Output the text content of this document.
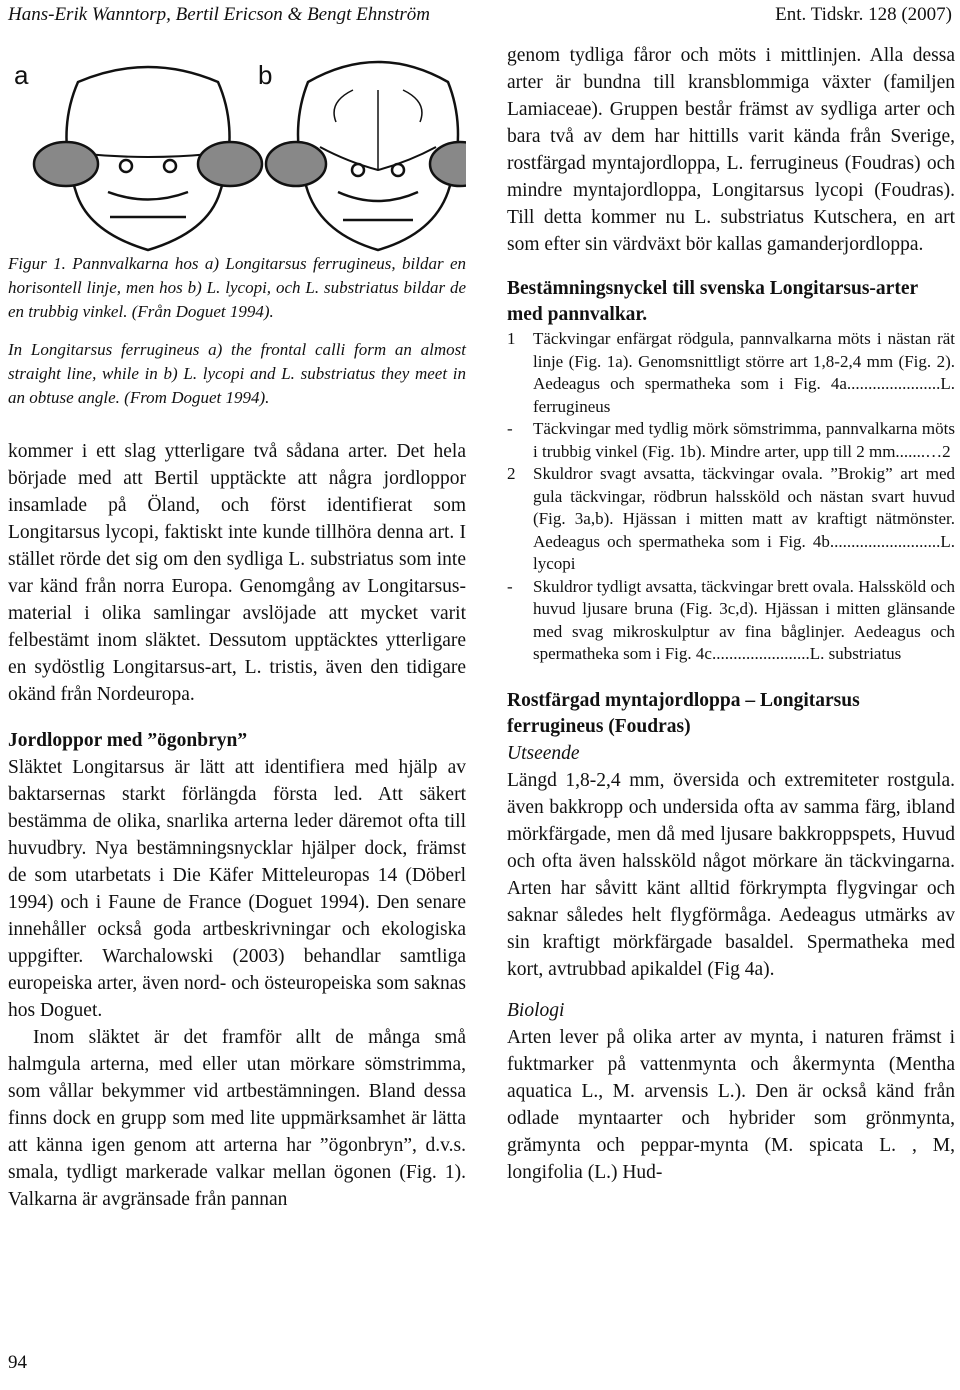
Hans-Erik Wanntorp, Bertil Ericson & Bengt Ehnström	Ent. Tidskr. 128 (2007)
a	b

Figur 1. Pannvalkarna hos a) Longitarsus ferrugineus, bildar en horisontell linje, men hos b) L. lycopi, och L. substriatus bildar de en trubbig vinkel. (Från Doguet 1994).

In Longitarsus ferrugineus a) the frontal calli form an almost straight line, while in b) L. lycopi and L. substriatus they meet in an obtuse angle. (From Doguet 1994).

kommer i ett slag ytterligare två sådana arter. Det hela började med att Bertil upptäckte att några jordloppor insamlade på Öland, och först identifierat som Longitarsus lycopi, faktiskt inte kunde tillhöra denna art. I stället rörde det sig om den sydliga L. substriatus som inte var känd från norra Europa. Genomgång av Longitarsus-material i olika samlingar avslöjade att mycket varit felbestämt inom släktet. Dessutom upptäcktes ytterligare en sydöstlig Longitarsus-art, L. tristis, även den tidigare okänd från Nordeuropa.

Jordloppor med ”ögonbryn”

Släktet Longitarsus är lätt att identifiera med hjälp av baktarsernas starkt förlängda första led. Att säkert bestämma de olika, snarlika arterna leder däremot ofta till huvudbry. Nya bestämningsnycklar hjälper dock, främst de som utarbetats i Die Käfer Mitteleuropas 14 (Döberl 1994) och i Faune de France (Doguet 1994). Den senare innehåller också goda artbeskrivningar och ekologiska uppgifter. Warchalowski (2003) behandlar samtliga europeiska arter, även nord- och östeuropeiska som saknas hos Doguet.

Inom släktet är det framför allt de många små halmgula arterna, med eller utan mörkare sömstrimma, som vållar bekymmer vid artbestämningen. Bland dessa finns dock en grupp som med lite uppmärksamhet är lätta att känna igen genom att arterna har ”ögonbryn”, d.v.s. smala, tydligt markerade valkar mellan ögonen (Fig. 1). Valkarna är avgränsade från pannan

genom tydliga fåror och möts i mittlinjen. Alla dessa arter är bundna till kransblommiga växter (familjen Lamiaceae). Gruppen består främst av sydliga arter och bara två av dem har hittills varit kända från Sverige, rostfärgad myntajordloppa, L. ferrugineus (Foudras) och mindre myntajordloppa, Longitarsus lycopi (Foudras). Till detta kommer nu L. substriatus Kutschera, en art som efter sin värdväxt bör kallas gamanderjordloppa.

Bestämningsnyckel till svenska Longitarsus-arter med pannvalkar.
1	Täckvingar enfärgat rödgula, pannvalkarna möts i nästan rät linje (Fig. 1a). Genomsnittligt större art 1,8-2,4 mm (Fig. 2). Aedeagus och spermatheka som i Fig. 4a......................L. ferrugineus
-	Täckvingar med tydlig mörk sömstrimma, pannvalkarna möts i trubbig vinkel (Fig. 1b). Mindre arter, upp till 2 mm.......…2
2	Skuldror svagt avsatta, täckvingar ovala. ”Brokig” art med gula täckvingar, rödbrun halssköld och nästan svart huvud (Fig. 3a,b). Hjässan i mitten matt av kraftigt nätmönster. Aedeagus och spermatheka som i Fig. 4b..........................L. lycopi
-	Skuldror tydligt avsatta, täckvingar brett ovala. Halssköld och huvud ljusare bruna (Fig. 3c,d). Hjässan i mitten glänsande med svag mikroskulptur av fina båglinjer. Aedeagus och spermatheka som i Fig. 4c.......................L. substriatus
Rostfärgad myntajordloppa – Longitarsus ferrugineus (Foudras)
Utseende

Längd 1,8-2,4 mm, översida och extremiteter rostgula. även bakkropp och undersida ofta av samma färg, ibland mörkfärgade, men då med ljusare bakkroppspets, Huvud och ofta även halssköld något mörkare än täckvingarna. Arten har såvitt känt alltid förkrympta flygvingar och saknar således helt flygförmåga. Aedeagus utmärks av sin kraftigt mörkfärgade basaldel. Spermatheka med kort, avtrubbad apikaldel (Fig 4a).

Biologi

Arten lever på olika arter av mynta, i naturen främst i fuktmarker på vattenmynta och åkermynta (Mentha aquatica L., M. arvensis L.). Den är också känd från odlade myntaarter och hybrider som grönmynta, grămynta och peppar-mynta (M. spicata L. , M, longifolia (L.) Hud-

94
